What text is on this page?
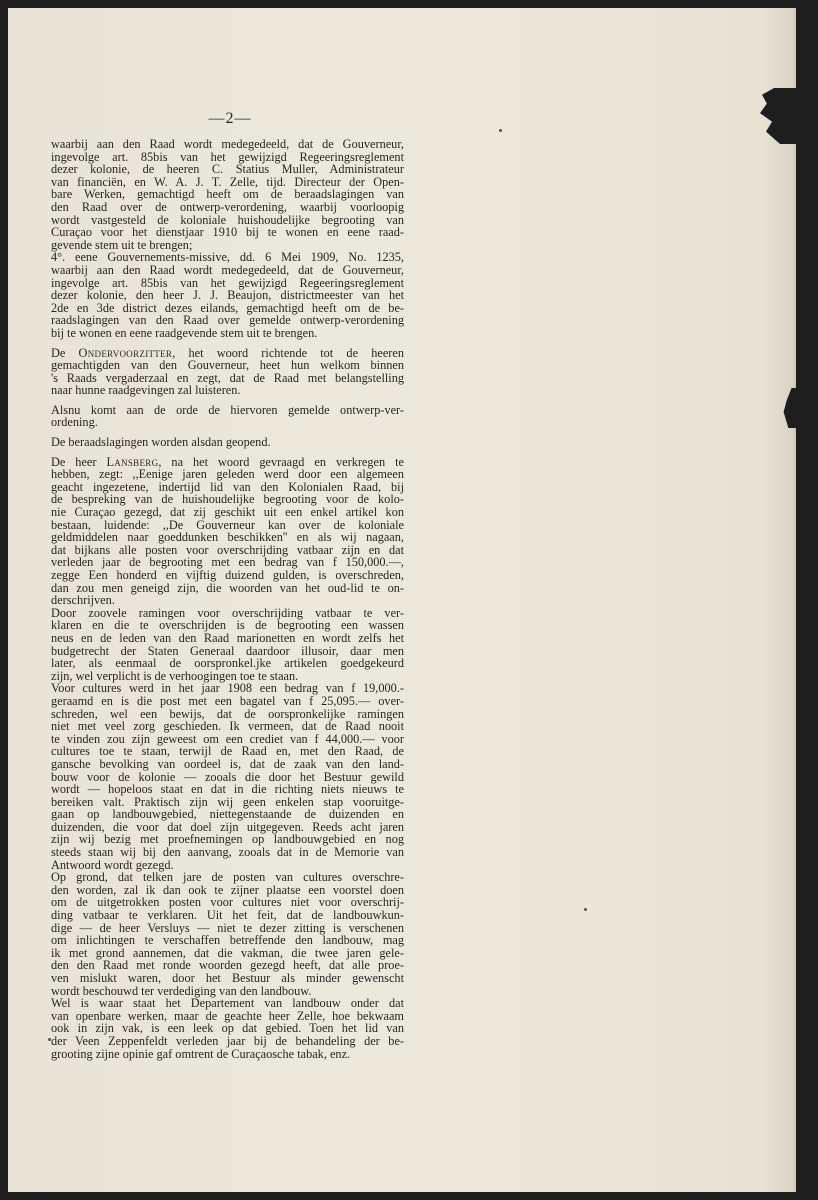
—2—
waarbij aan den Raad wordt medegedeeld, dat de Gouverneur,
ingevolge art. 85bis van het gewijzigd Regeeringsreglement
dezer kolonie, de heeren C. Statius Muller, Administrateur
van financiën, en W. A. J. T. Zelle, tijd. Directeur der Open-
bare Werken, gemachtigd heeft om de beraadslagingen van
den Raad over de ontwerp-verordening, waarbij voorloopig
wordt vastgesteld de koloniale huishoudelijke begrooting van
Curaçao voor het dienstjaar 1910 bij te wonen en eene raad-
gevende stem uit te brengen;
4°. eene Gouvernements-missive, dd. 6 Mei 1909, No. 1235,
waarbij aan den Raad wordt medegedeeld, dat de Gouverneur,
ingevolge art. 85bis van het gewijzigd Regeeringsreglement
dezer kolonie, den heer J. J. Beaujon, districtmeester van het
2de en 3de district dezes eilands, gemachtigd heeft om de be-
raadslagingen van den Raad over gemelde ontwerp-verordening
bij te wonen en eene raadgevende stem uit te brengen.
De Ondervoorzitter, het woord richtende tot de heeren
gemachtigden van den Gouverneur, heet hun welkom binnen
's Raads vergaderzaal en zegt, dat de Raad met belangstelling
naar hunne raadgevingen zal luisteren.
Alsnu komt aan de orde de hiervoren gemelde ontwerp-ver-
ordening.
De beraadslagingen worden alsdan geopend.
De heer Lansberg, na het woord gevraagd en verkregen te
hebben, zegt: ,,Eenige jaren geleden werd door een algemeen
geacht ingezetene, indertijd lid van den Kolonialen Raad, bij
de bespreking van de huishoudelijke begrooting voor de kolo-
nie Curaçao gezegd, dat zij geschikt uit een enkel artikel kon
bestaan, luidende: ,,De Gouverneur kan over de koloniale
geldmiddelen naar goeddunken beschikken'' en als wij nagaan,
dat bijkans alle posten voor overschrijding vatbaar zijn en dat
verleden jaar de begrooting met een bedrag van f 150,000.—,
zegge Een honderd en vijftig duizend gulden, is overschreden,
dan zou men geneigd zijn, die woorden van het oud-lid te on-
derschrijven.
Door zoovele ramingen voor overschrijding vatbaar te ver-
klaren en die te overschrijden is de begrooting een wassen
neus en de leden van den Raad marionetten en wordt zelfs het
budgetrecht der Staten Generaal daardoor illusoir, daar men
later, als eenmaal de oorspronkel.jke artikelen goedgekeurd
zijn, wel verplicht is de verhoogingen toe te staan.
Voor cultures werd in het jaar 1908 een bedrag van f 19,000.-
geraamd en is die post met een bagatel van f 25,095.— over-
schreden, wel een bewijs, dat de oorspronkelijke ramingen
niet met veel zorg geschieden. Ik vermeen, dat de Raad nooit
te vinden zou zijn geweest om een crediet van f 44,000.— voor
cultures toe te staan, terwijl de Raad en, met den Raad, de
gansche bevolking van oordeel is, dat de zaak van den land-
bouw voor de kolonie — zooals die door het Bestuur gewild
wordt — hopeloos staat en dat in die richting niets nieuws te
bereiken valt. Praktisch zijn wij geen enkelen stap vooruitge-
gaan op landbouwgebied, niettegenstaande de duizenden en
duizenden, die voor dat doel zijn uitgegeven. Reeds acht jaren
zijn wij bezig met proefnemingen op landbouwgebied en nog
steeds staan wij bij den aanvang, zooals dat in de Memorie van
Antwoord wordt gezegd.
Op grond, dat telken jare de posten van cultures overschre-
den worden, zal ik dan ook te zijner plaatse een voorstel doen
om de uitgetrokken posten voor cultures niet voor overschrij-
ding vatbaar te verklaren. Uit het feit, dat de landbouwkun-
dige — de heer Versluys — niet te dezer zitting is verschenen
om inlichtingen te verschaffen betreffende den landbouw, mag
ik met grond aannemen, dat die vakman, die twee jaren gele-
den den Raad met ronde woorden gezegd heeft, dat alle proe-
ven mislukt waren, door het Bestuur als minder gewenscht
wordt beschouwd ter verdediging van den landbouw.
Wel is waar staat het Departement van landbouw onder dat
van openbare werken, maar de geachte heer Zelle, hoe bekwaam
ook in zijn vak, is een leek op dat gebied. Toen het lid van
der Veen Zeppenfeldt verleden jaar bij de behandeling der be-
grooting zijne opinie gaf omtrent de Curaçaosche tabak, enz.
